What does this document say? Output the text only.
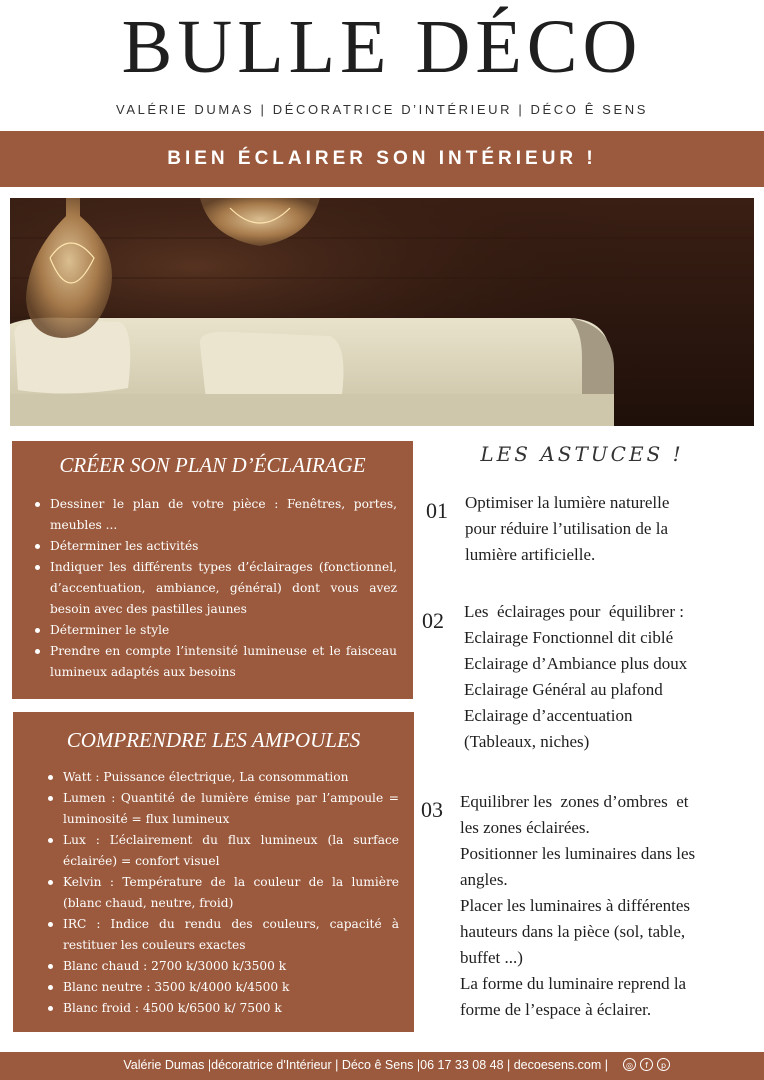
BULLE DÉCO
VALÉRIE DUMAS | DÉCORATRICE D’INTÉRIEUR | DÉCO Ê SENS
BIEN ÉCLAIRER SON INTÉRIEUR !
CRÉER SON PLAN D’ÉCLAIRAGE
Dessiner le plan de votre pièce : Fenêtres, portes, meubles ...
Déterminer les activités
Indiquer les différents types d’éclairages (fonctionnel, d’accentuation, ambiance, général) dont vous avez besoin avec des pastilles jaunes
Déterminer le style
Prendre en compte l’intensité lumineuse et le faisceau lumineux adaptés aux besoins
COMPRENDRE LES AMPOULES
Watt : Puissance électrique, La consommation
Lumen : Quantité de lumière émise par l’ampoule = luminosité = flux lumineux
Lux : L’éclairement du flux lumineux (la surface éclairée) = confort visuel
Kelvin : Température de la couleur de la lumière (blanc chaud, neutre, froid)
IRC : Indice du rendu des couleurs, capacité à restituer les couleurs exactes
Blanc chaud : 2700 k/3000 k/3500 k
Blanc neutre : 3500 k/4000 k/4500 k
Blanc froid : 4500 k/6500 k/ 7500 k
LES ASTUCES !
01 Optimiser la lumière naturelle
pour réduire l’utilisation de la
lumière artificielle.
02 Les  éclairages pour  équilibrer :
Eclairage Fonctionnel dit ciblé
Eclairage d’Ambiance plus doux
Eclairage Général au plafond
Eclairage d’accentuation
(Tableaux, niches)
03 Equilibrer les  zones d’ombres  et
les zones éclairées.
Positionner les luminaires dans les
angles.
Placer les luminaires à différentes
hauteurs dans la pièce (sol, table,
buffet ...)
La forme du luminaire reprend la
forme de l’espace à éclairer.
Valérie Dumas |décoratrice d'Intérieur | Déco ê Sens |06 17 33 08 48 | decoesens.com |	◎	f	p
